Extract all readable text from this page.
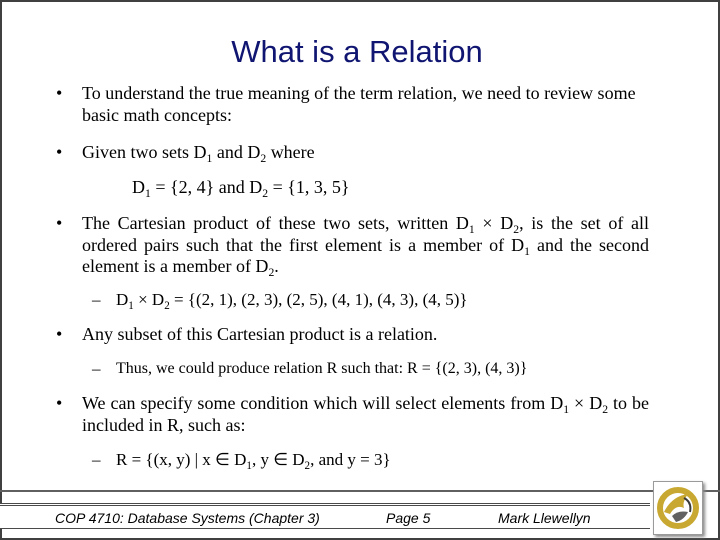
What is a Relation
• To understand the true meaning of the term relation, we need to review some basic math concepts:
• Given two sets $D_1$ and $D_2$ where
$D_1 = \{2$, 4} and $D_2 = \{1$, 3, 5}
• The Cartesian product of these two sets, written $D_1 \times D_2$, is the set of all ordered pairs such that the first element is a member of $D_1$ and the second element is a member of $D_2$.
– $D_1 \times D_2 = \{(2$, 1), (2, 3), (2, 5), (4, 1), (4, 3), (4, 5)}
• Any subset of this Cartesian product is a relation.
– Thus, we could produce relation R such that: R = {(2, 3), (4, 3)}
• We can specify some condition which will select elements from $D_1 \times D_2$ to be included in R, such as:
– R = {(x, y) | x ∈ $D_1$, y ∈ $D_2$, and y = 3}
COP 4710: Database Systems (Chapter 3)	Page 5	Mark Llewellyn
